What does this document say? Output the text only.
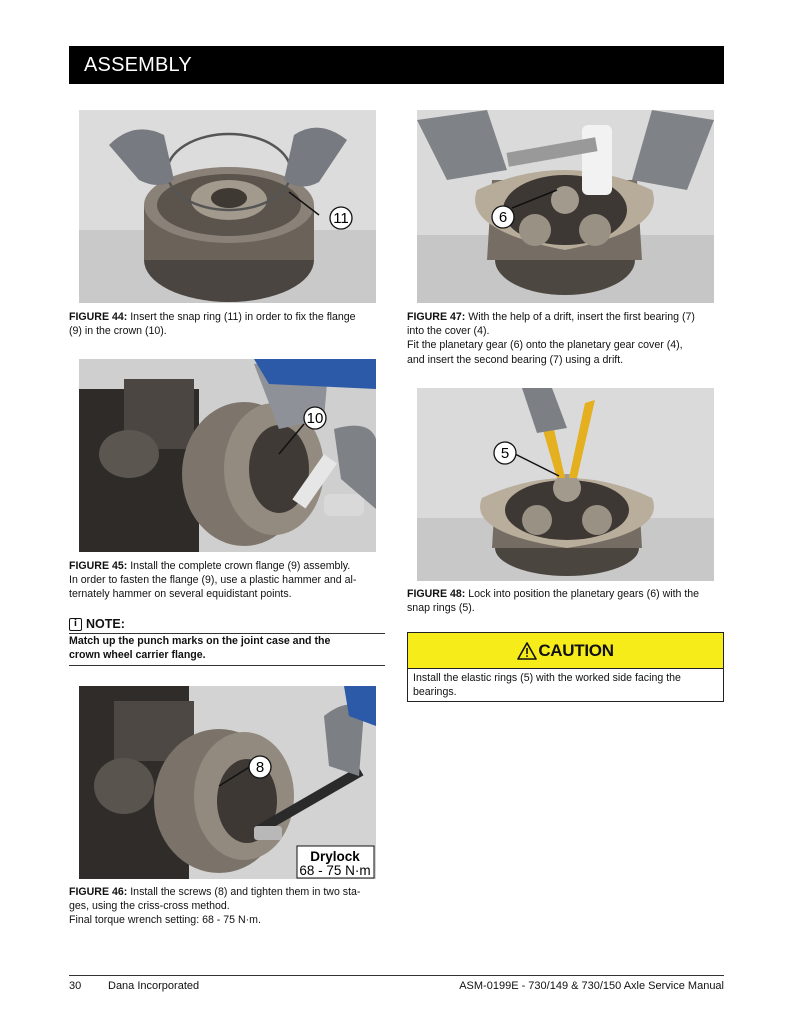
ASSEMBLY
11
FIGURE 44: Insert the snap ring (11) in order to fix the flange
(9) in the crown (10).
10
FIGURE 45: Install the complete crown flange (9) assembly.
In order to fasten the flange (9), use a plastic hammer and al-
ternately hammer on several equidistant points.
i NOTE:
Match up the punch marks on the joint case and the
crown wheel carrier flange.
8
Drylock
68 - 75 N·m
FIGURE 46: Install the screws (8) and tighten them in two sta-
ges, using the criss-cross method.
Final torque wrench setting: 68 - 75 N·m.
6
FIGURE 47: With the help of a drift, insert the first bearing (7)
into the cover (4).
Fit the planetary gear (6) onto the planetary gear cover (4),
and insert the second bearing (7) using a drift.
5
FIGURE 48: Lock into position the planetary gears (6) with the
snap rings (5).
CAUTION
Install the elastic rings (5) with the worked side facing the
bearings.
30 Dana Incorporated	ASM-0199E - 730/149 & 730/150 Axle Service Manual
